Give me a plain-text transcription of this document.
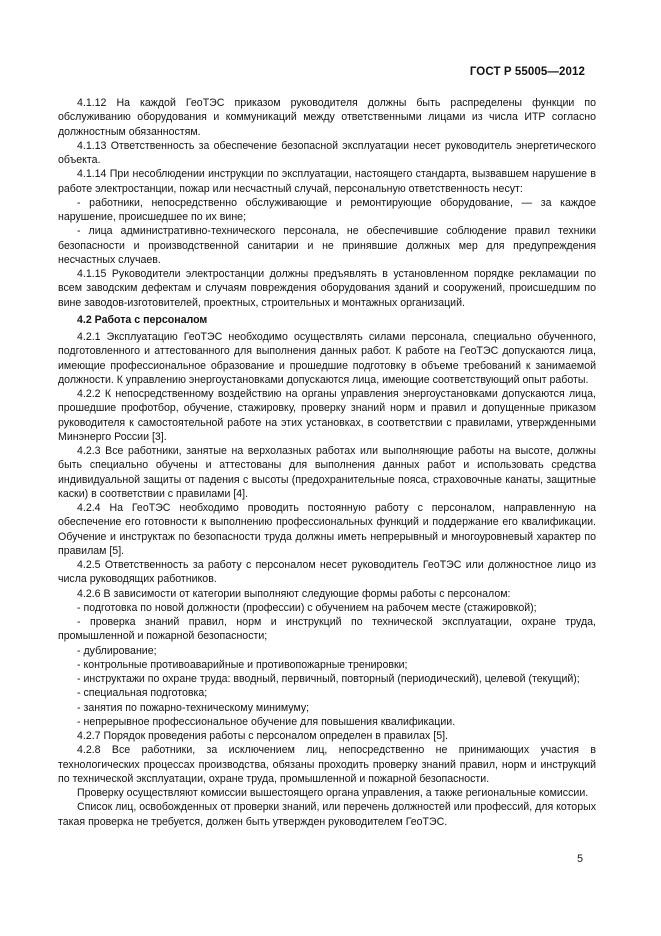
ГОСТ Р 55005—2012

4.1.12 На каждой ГеоТЭС приказом руководителя должны быть распределены функции по обслуживанию оборудования и коммуникаций между ответственными лицами из числа ИТР согласно должностным обязанностям.

4.1.13 Ответственность за обеспечение безопасной эксплуатации несет руководитель энергетического объекта.

4.1.14 При несоблюдении инструкции по эксплуатации, настоящего стандарта, вызвавшем нарушение в работе электростанции, пожар или несчастный случай, персональную ответственность несут:

- работники, непосредственно обслуживающие и ремонтирующие оборудование, — за каждое нарушение, происшедшее по их вине;

- лица административно-технического персонала, не обеспечившие соблюдение правил техники безопасности и производственной санитарии и не принявшие должных мер для предупреждения несчастных случаев.

4.1.15 Руководители электростанции должны предъявлять в установленном порядке рекламации по всем заводским дефектам и случаям повреждения оборудования зданий и сооружений, происшедшим по вине заводов-изготовителей, проектных, строительных и монтажных организаций.

4.2 Работа с персоналом

4.2.1 Эксплуатацию ГеоТЭС необходимо осуществлять силами персонала, специально обученного, подготовленного и аттестованного для выполнения данных работ. К работе на ГеоТЭС допускаются лица, имеющие профессиональное образование и прошедшие подготовку в объеме требований к занимаемой должности. К управлению энергоустановками допускаются лица, имеющие соответствующий опыт работы.

4.2.2 К непосредственному воздействию на органы управления энергоустановками допускаются лица, прошедшие профотбор, обучение, стажировку, проверку знаний норм и правил и допущенные приказом руководителя к самостоятельной работе на этих установках, в соответствии с правилами, утвержденными Минэнерго России [3].

4.2.3 Все работники, занятые на верхолазных работах или выполняющие работы на высоте, должны быть специально обучены и аттестованы для выполнения данных работ и использовать средства индивидуальной защиты от падения с высоты (предохранительные пояса, страховочные канаты, защитные каски) в соответствии с правилами [4].

4.2.4 На ГеоТЭС необходимо проводить постоянную работу с персоналом, направленную на обеспечение его готовности к выполнению профессиональных функций и поддержание его квалификации. Обучение и инструктаж по безопасности труда должны иметь непрерывный и многоуровневый характер по правилам [5].

4.2.5 Ответственность за работу с персоналом несет руководитель ГеоТЭС или должностное лицо из числа руководящих работников.

4.2.6 В зависимости от категории выполняют следующие формы работы с персоналом:

- подготовка по новой должности (профессии) с обучением на рабочем месте (стажировкой);

- проверка знаний правил, норм и инструкций по технической эксплуатации, охране труда, промышленной и пожарной безопасности;

- дублирование;

- контрольные противоаварийные и противопожарные тренировки;

- инструктажи по охране труда: вводный, первичный, повторный (периодический), целевой (текущий);

- специальная подготовка;

- занятия по пожарно-техническому минимуму;

- непрерывное профессиональное обучение для повышения квалификации.

4.2.7 Порядок проведения работы с персоналом определен в правилах [5].

4.2.8 Все работники, за исключением лиц, непосредственно не принимающих участия в технологических процессах производства, обязаны проходить проверку знаний правил, норм и инструкций по технической эксплуатации, охране труда, промышленной и пожарной безопасности.

Проверку осуществляют комиссии вышестоящего органа управления, а также региональные комиссии.

Список лиц, освобожденных от проверки знаний, или перечень должностей или профессий, для которых такая проверка не требуется, должен быть утвержден руководителем ГеоТЭС.

5
